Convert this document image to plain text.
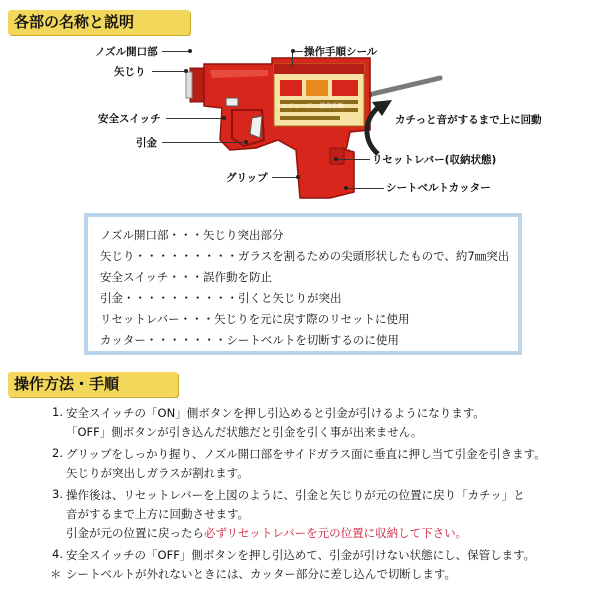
各部の名称と説明
ｌｅチョーガン 操作手順
ノズル開口部
矢じり
安全スイッチ
引金
グリップ
操作手順シール
カチっと音がするまで上に回動
リセットレバー(収納状態)
シートベルトカッター
ノズル開口部・・・矢じり突出部分
矢じり・・・・・・・・・ガラスを割るための尖頭形状したもので、約7㎜突出
安全スイッチ・・・誤作動を防止
引金・・・・・・・・・・引くと矢じりが突出
リセットレバー・・・矢じりを元に戻す際のリセットに使用
カッター・・・・・・・シートベルトを切断するのに使用
操作方法・手順
1. 安全スイッチの「ON」側ボタンを押し引込めると引金が引けるようになります。
「OFF」側ボタンが引き込んだ状態だと引金を引く事が出来ません。
2. グリップをしっかり握り、ノズル開口部をサイドガラス面に垂直に押し当て引金を引きます。
矢じりが突出しガラスが割れます。
3. 操作後は、リセットレバーを上図のように、引金と矢じりが元の位置に戻り「カチッ」と
音がするまで上方に回動させます。
引金が元の位置に戻ったら必ずリセットレバーを元の位置に収納して下さい。
4. 安全スイッチの「OFF」側ボタンを押し引込めて、引金が引けない状態にし、保管します。
＊ シートベルトが外れないときには、カッター部分に差し込んで切断します。
